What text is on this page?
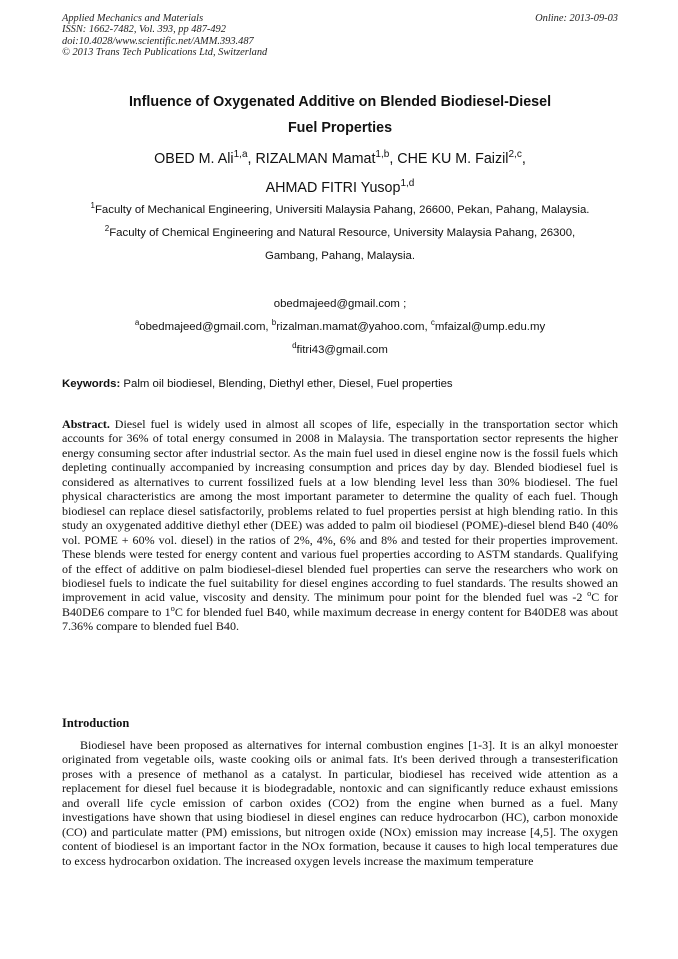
Applied Mechanics and Materials
ISSN: 1662-7482, Vol. 393, pp 487-492
doi:10.4028/www.scientific.net/AMM.393.487
© 2013 Trans Tech Publications Ltd, Switzerland
Online: 2013-09-03
Influence of Oxygenated Additive on Blended Biodiesel-Diesel
Fuel Properties
OBED M. Ali$^{1,a}$, RIZALMAN Mamat$^{1,b}$, CHE KU M. Faizil$^{2,c}$,
AHMAD FITRI Yusop$^{1,d}$
$^1$Faculty of Mechanical Engineering, Universiti Malaysia Pahang, 26600, Pekan, Pahang, Malaysia.
$^2$Faculty of Chemical Engineering and Natural Resource, University Malaysia Pahang, 26300,
Gambang, Pahang, Malaysia.
obedmajeed@gmail.com ;
$^a$obedmajeed@gmail.com, $^b$rizalman.mamat@yahoo.com, $^c$mfaizal@ump.edu.my
$^d$fitri43@gmail.com
Keywords: Palm oil biodiesel, Blending, Diethyl ether, Diesel, Fuel properties
Abstract. Diesel fuel is widely used in almost all scopes of life, especially in the transportation sector which accounts for 36% of total energy consumed in 2008 in Malaysia. The transportation sector represents the higher energy consuming sector after industrial sector. As the main fuel used in diesel engine now is the fossil fuels which depleting continually accompanied by increasing consumption and prices day by day. Blended biodiesel fuel is considered as alternatives to current fossilized fuels at a low blending level less than 30% biodiesel. The fuel physical characteristics are among the most important parameter to determine the quality of each fuel. Though biodiesel can replace diesel satisfactorily, problems related to fuel properties persist at high blending ratio. In this study an oxygenated additive diethyl ether (DEE) was added to palm oil biodiesel (POME)-diesel blend B40 (40% vol. POME + 60% vol. diesel) in the ratios of 2%, 4%, 6% and 8% and tested for their properties improvement. These blends were tested for energy content and various fuel properties according to ASTM standards. Qualifying of the effect of additive on palm biodiesel-diesel blended fuel properties can serve the researchers who work on biodiesel fuels to indicate the fuel suitability for diesel engines according to fuel standards. The results showed an improvement in acid value, viscosity and density. The minimum pour point for the blended fuel was -2 $^o$C for B40DE6 compare to 1$^o$C for blended fuel B40, while maximum decrease in energy content for B40DE8 was about 7.36% compare to blended fuel B40.
Introduction
Biodiesel have been proposed as alternatives for internal combustion engines [1-3]. It is an alkyl monoester originated from vegetable oils, waste cooking oils or animal fats. It's been derived through a transesterification proses with a presence of methanol as a catalyst. In particular, biodiesel has received wide attention as a replacement for diesel fuel because it is biodegradable, nontoxic and can significantly reduce exhaust emissions and overall life cycle emission of carbon oxides (CO2) from the engine when burned as a fuel. Many investigations have shown that using biodiesel in diesel engines can reduce hydrocarbon (HC), carbon monoxide (CO) and particulate matter (PM) emissions, but nitrogen oxide (NOx) emission may increase [4,5]. The oxygen content of biodiesel is an important factor in the NOx formation, because it causes to high local temperatures due to excess hydrocarbon oxidation. The increased oxygen levels increase the maximum temperature
